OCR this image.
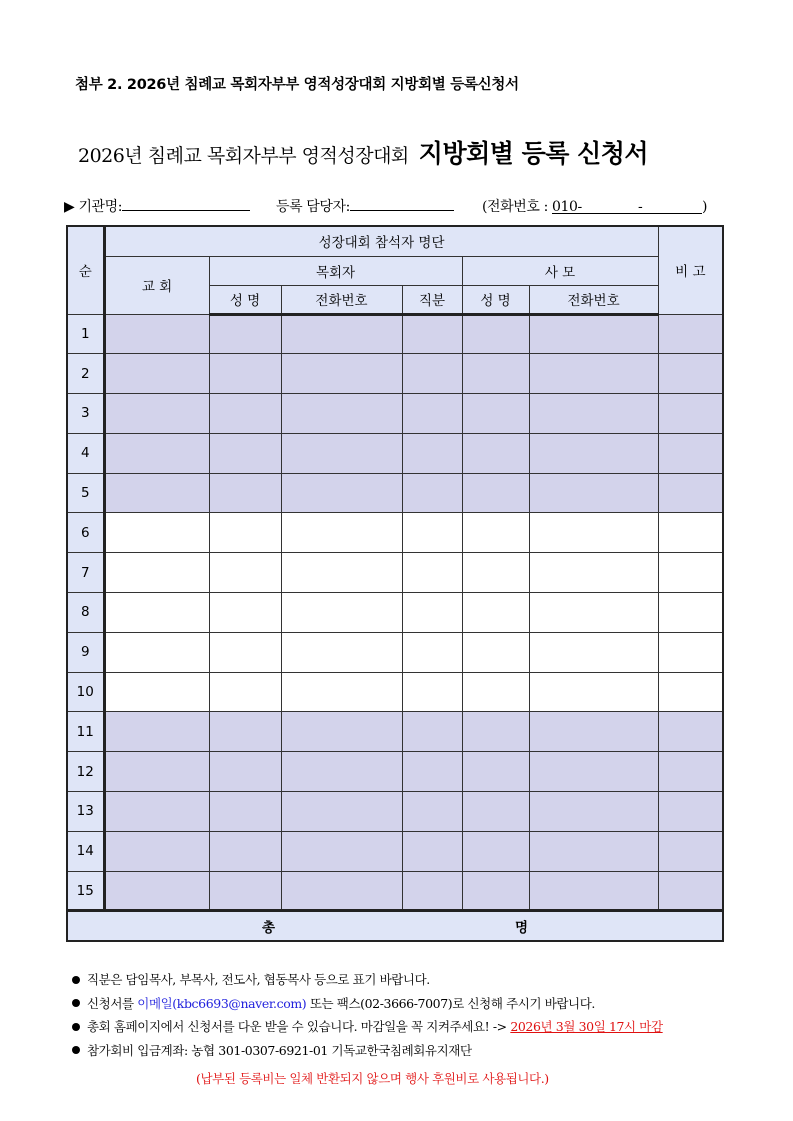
첨부 2. 2026년 침례교 목회자부부 영적성장대회 지방회별 등록신청서
2026년 침례교 목회자부부 영적성장대회 지방회별 등록 신청서
▶ 기관명:	등록 담당자:	(전화번호 : 010-	-	)
순	성장대회 참석자 명단						비 고
	교 회	목회자			사 모		
		성 명	전화번호	직분	성 명	전화번호	
1							
2							
3							
4							
5							
6							
7							
8							
9							
10							
11							
12							
13							
14							
15							
총 명							
직분은 담임목사, 부목사, 전도사, 협동목사 등으로 표기 바랍니다.
신청서를 이메일(kbc6693@naver.com) 또는 팩스(02-3666-7007)로 신청해 주시기 바랍니다.
총회 홈페이지에서 신청서를 다운 받을 수 있습니다. 마감일을 꼭 지켜주세요! -> 2026년 3월 30일 17시 마감
참가회비 입금계좌: 농협 301-0307-6921-01 기독교한국침례회유지재단
(납부된 등록비는 일체 반환되지 않으며 행사 후원비로 사용됩니다.)
